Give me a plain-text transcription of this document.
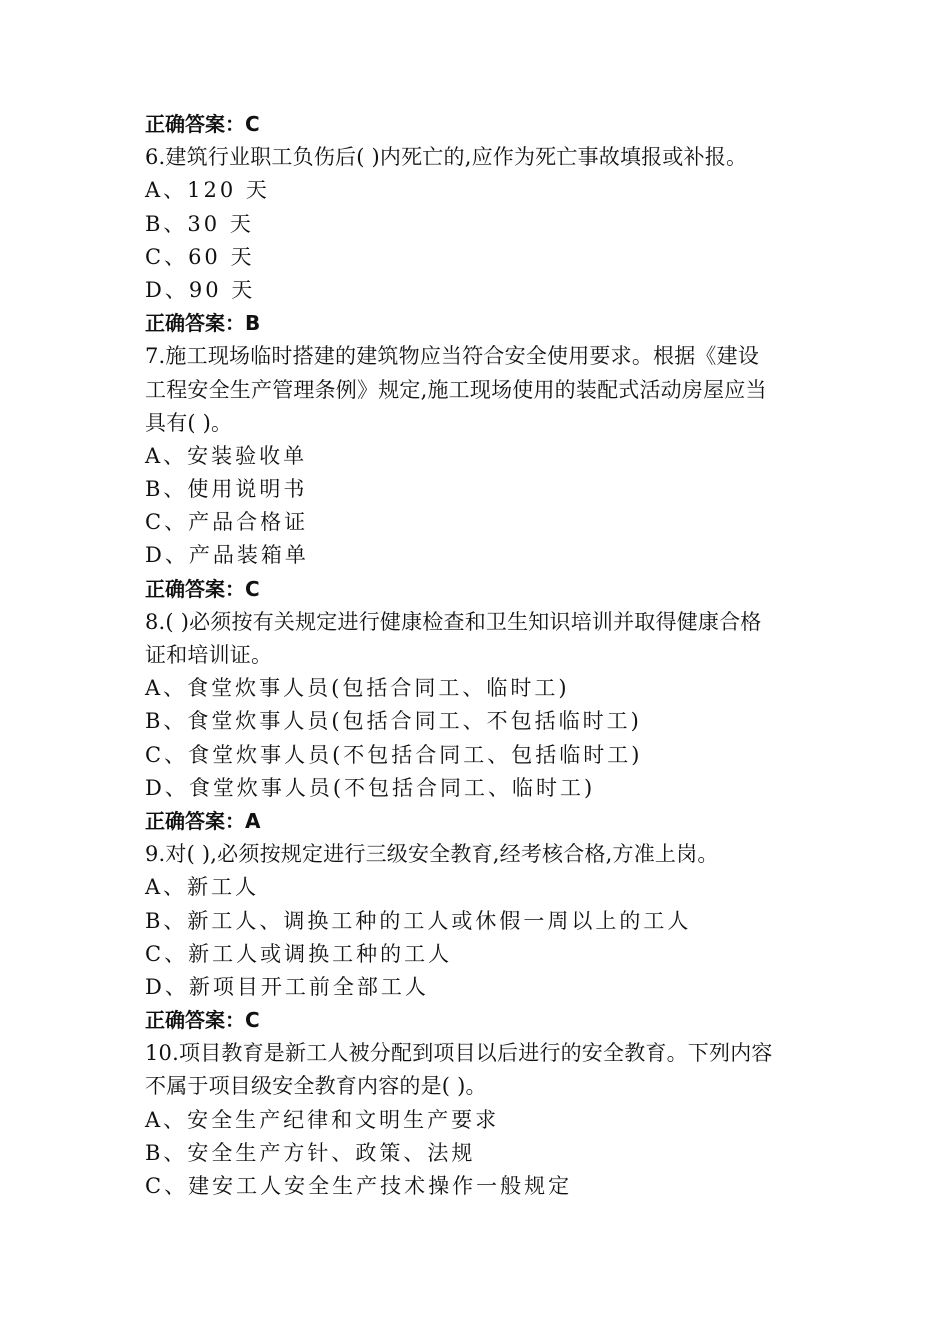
正确答案：C
6.建筑行业职工负伤后( )内死亡的,应作为死亡事故填报或补报。
A、120 天
B、30 天
C、60 天
D、90 天
正确答案：B
7.施工现场临时搭建的建筑物应当符合安全使用要求。根据《建设
工程安全生产管理条例》规定,施工现场使用的装配式活动房屋应当
具有( )。
A、安装验收单
B、使用说明书
C、产品合格证
D、产品装箱单
正确答案：C
8.( )必须按有关规定进行健康检查和卫生知识培训并取得健康合格
证和培训证。
A、食堂炊事人员(包括合同工、临时工)
B、食堂炊事人员(包括合同工、不包括临时工)
C、食堂炊事人员(不包括合同工、包括临时工)
D、食堂炊事人员(不包括合同工、临时工)
正确答案：A
9.对( ),必须按规定进行三级安全教育,经考核合格,方准上岗。
A、新工人
B、新工人、调换工种的工人或休假一周以上的工人
C、新工人或调换工种的工人
D、新项目开工前全部工人
正确答案：C
10.项目教育是新工人被分配到项目以后进行的安全教育。下列内容
不属于项目级安全教育内容的是( )。
A、安全生产纪律和文明生产要求
B、安全生产方针、政策、法规
C、建安工人安全生产技术操作一般规定
